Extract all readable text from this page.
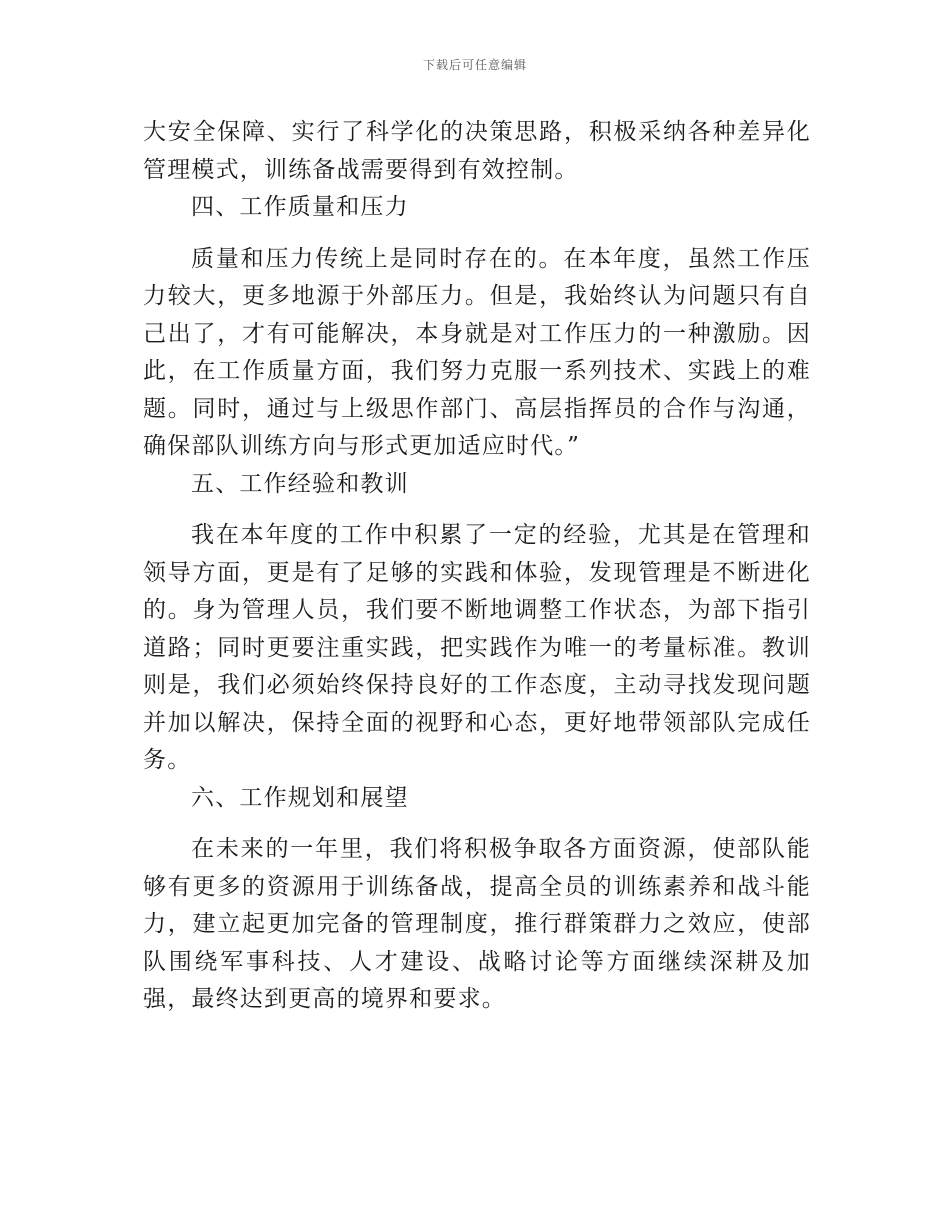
下载后可任意编辑

大安全保障、实行了科学化的决策思路，积极采纳各种差异化管理模式，训练备战需要得到有效控制。

四、工作质量和压力

质量和压力传统上是同时存在的。在本年度，虽然工作压力较大，更多地源于外部压力。但是，我始终认为问题只有自己出了，才有可能解决，本身就是对工作压力的一种激励。因此，在工作质量方面，我们努力克服一系列技术、实践上的难题。同时，通过与上级思作部门、高层指挥员的合作与沟通，确保部队训练方向与形式更加适应时代。”

五、工作经验和教训

我在本年度的工作中积累了一定的经验，尤其是在管理和领导方面，更是有了足够的实践和体验，发现管理是不断进化的。身为管理人员，我们要不断地调整工作状态，为部下指引道路；同时更要注重实践，把实践作为唯一的考量标准。教训则是，我们必须始终保持良好的工作态度，主动寻找发现问题并加以解决，保持全面的视野和心态，更好地带领部队完成任务。

六、工作规划和展望

在未来的一年里，我们将积极争取各方面资源，使部队能够有更多的资源用于训练备战，提高全员的训练素养和战斗能力，建立起更加完备的管理制度，推行群策群力之效应，使部队围绕军事科技、人才建设、战略讨论等方面继续深耕及加强，最终达到更高的境界和要求。
